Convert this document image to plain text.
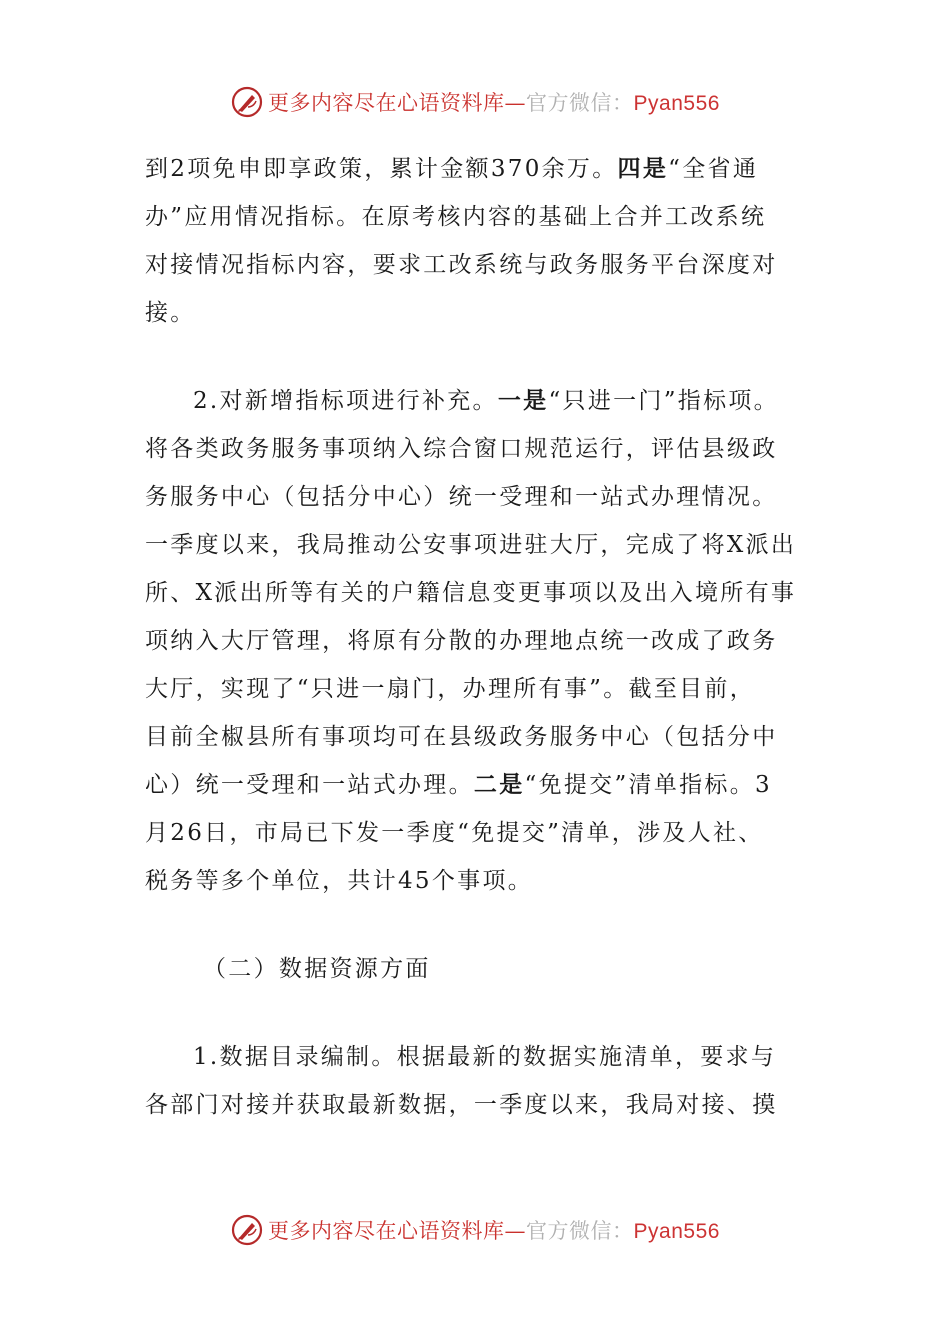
更多内容尽在心语资料库—官方微信：Pyan556
到2项免申即享政策，累计金额370余万。四是“全省通
办”应用情况指标。在原考核内容的基础上合并工改系统
对接情况指标内容，要求工改系统与政务服务平台深度对
接。
2.对新增指标项进行补充。一是“只进一门”指标项。
将各类政务服务事项纳入综合窗口规范运行，评估县级政
务服务中心（包括分中心）统一受理和一站式办理情况。
一季度以来，我局推动公安事项进驻大厅，完成了将X派出
所、X派出所等有关的户籍信息变更事项以及出入境所有事
项纳入大厅管理，将原有分散的办理地点统一改成了政务
大厅，实现了“只进一扇门，办理所有事”。截至目前，
目前全椒县所有事项均可在县级政务服务中心（包括分中
心）统一受理和一站式办理。二是“免提交”清单指标。3
月26日，市局已下发一季度“免提交”清单，涉及人社、
税务等多个单位，共计45个事项。
（二）数据资源方面
1.数据目录编制。根据最新的数据实施清单，要求与
各部门对接并获取最新数据，一季度以来，我局对接、摸
更多内容尽在心语资料库—官方微信：Pyan556
